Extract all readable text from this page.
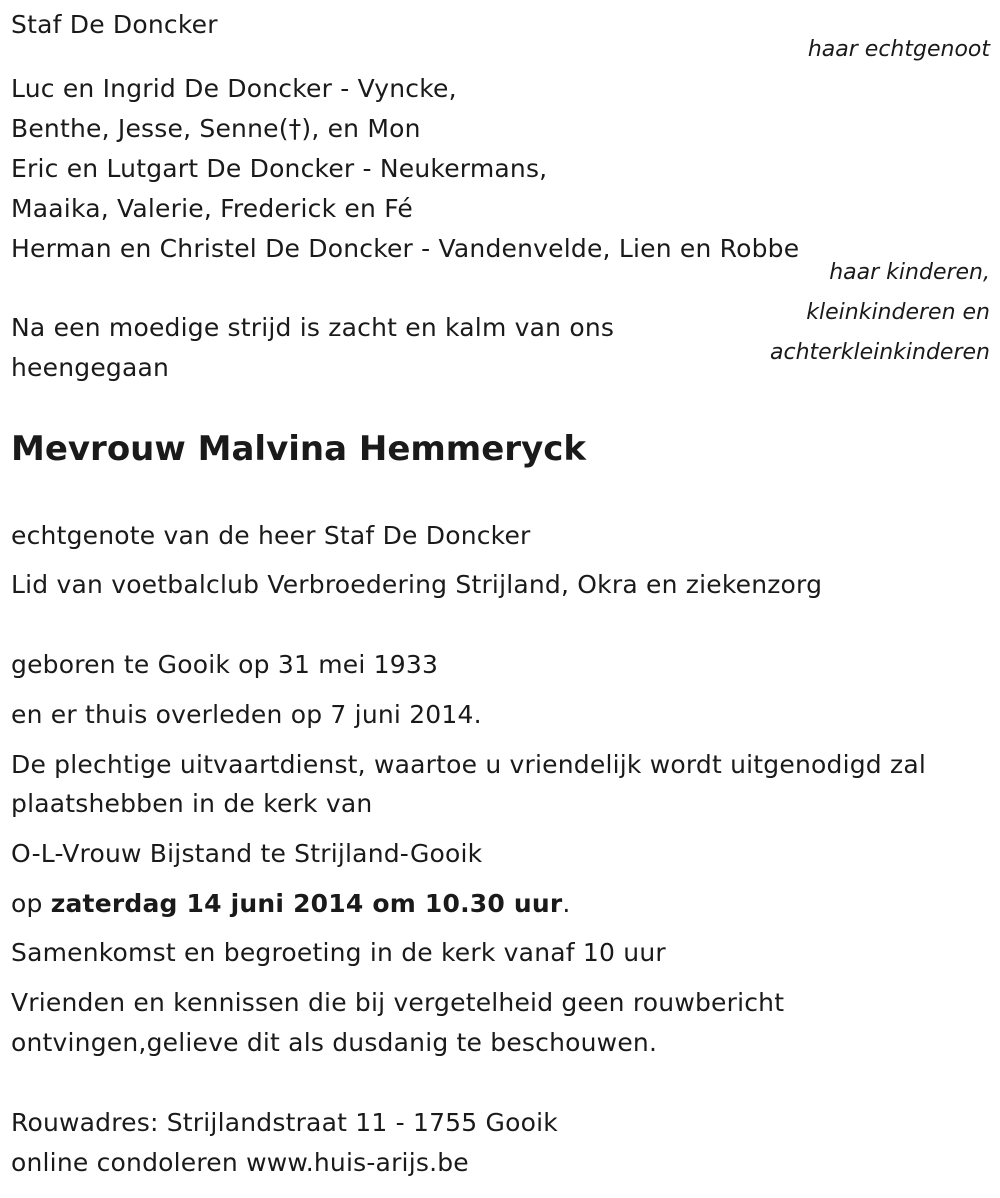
Staf De Doncker
haar echtgenoot
Luc en Ingrid De Doncker - Vyncke,
Benthe, Jesse, Senne(†), en Mon
Eric en Lutgart De Doncker - Neukermans,
Maaika, Valerie, Frederick en Fé
Herman en Christel De Doncker - Vandenvelde, Lien en Robbe
haar kinderen,
kleinkinderen en
achterkleinkinderen
Na een moedige strijd is zacht en kalm van ons
heengegaan
Mevrouw Malvina Hemmeryck
echtgenote van de heer Staf De Doncker
Lid van voetbalclub Verbroedering Strijland, Okra en ziekenzorg
geboren te Gooik op 31 mei 1933
en er thuis overleden op 7 juni 2014.
De plechtige uitvaartdienst, waartoe u vriendelijk wordt uitgenodigd zal
plaatshebben in de kerk van
O-L-Vrouw Bijstand te Strijland-Gooik
op zaterdag 14 juni 2014 om 10.30 uur.
Samenkomst en begroeting in de kerk vanaf 10 uur
Vrienden en kennissen die bij vergetelheid geen rouwbericht
ontvingen,gelieve dit als dusdanig te beschouwen.
Rouwadres: Strijlandstraat 11 - 1755 Gooik
online condoleren www.huis-arijs.be
